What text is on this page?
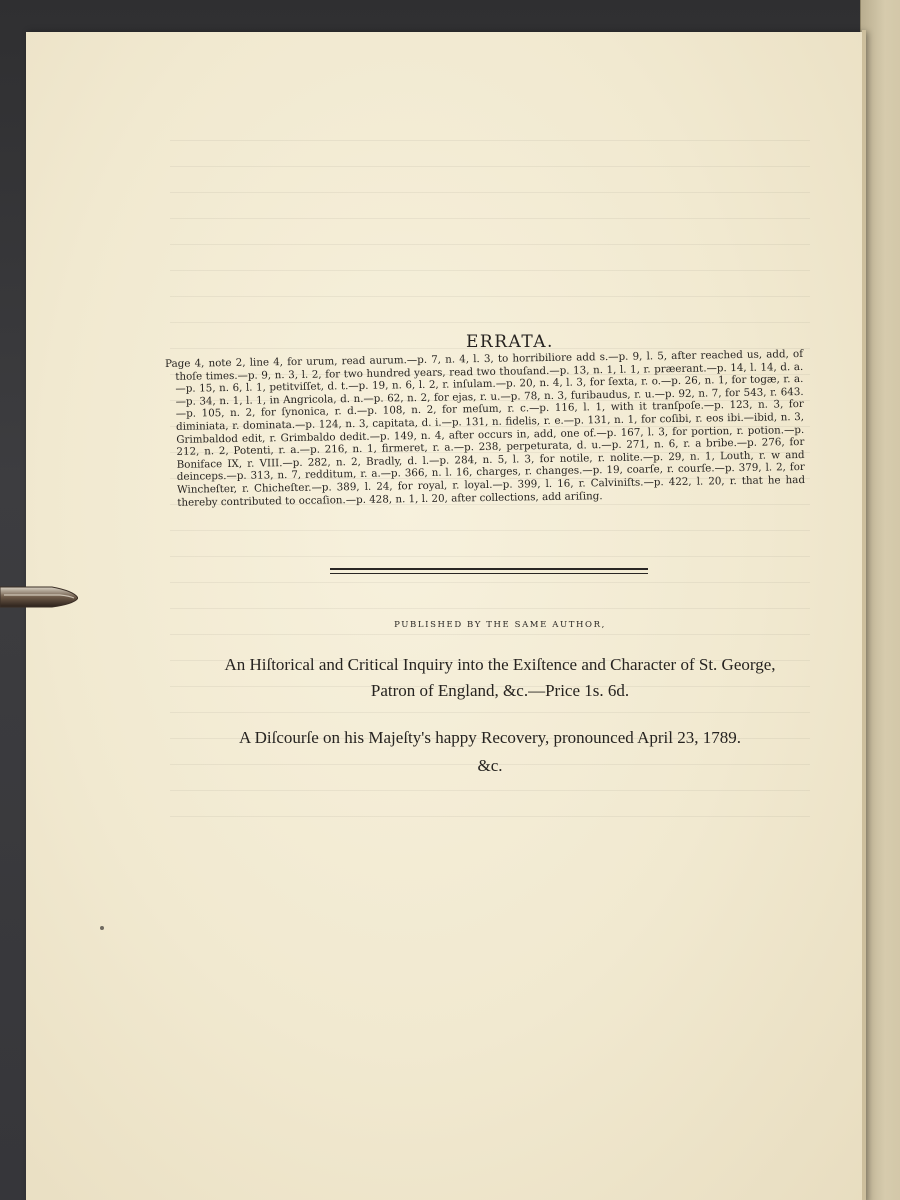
ERRATA.

Page 4, note 2, line 4, for urum, read aurum.—p. 7, n. 4, l. 3, to horribiliore add s.—p. 9, l. 5, after reached us, add, of thoſe times.—p. 9, n. 3, l. 2, for two hundred years, read two thouſand.—p. 13, n. 1, l. 1, r. præerant.—p. 14, l. 14, d. a.—p. 15, n. 6, l. 1, petitviſſet, d. t.—p. 19, n. 6, l. 2, r. inſulam.—p. 20, n. 4, l. 3, for ſexta, r. o.—p. 26, n. 1, for togæ, r. a.—p. 34, n. 1, l. 1, in Angricola, d. n.—p. 62, n. 2, for ejas, r. u.—p. 78, n. 3, furibaudus, r. u.—p. 92, n. 7, for 543, r. 643.—p. 105, n. 2, for ſynonica, r. d.—p. 108, n. 2, for meſum, r. c.—p. 116, l. 1, with it tranſpoſe.—p. 123, n. 3, for diminiata, r. dominata.—p. 124, n. 3, capitata, d. i.—p. 131, n. fidelis, r. e.—p. 131, n. 1, for coſibi, r. eos ibi.—ibid, n. 3, Grimbaldod edit, r. Grimbaldo dedit.—p. 149, n. 4, after occurs in, add, one of.—p. 167, l. 3, for portion, r. potion.—p. 212, n. 2, Potenti, r. a.—p. 216, n. 1, firmeret, r. a.—p. 238, perpeturata, d. u.—p. 271, n. 6, r. a bribe.—p. 276, for Boniface IX, r. VIII.—p. 282, n. 2, Bradly, d. l.—p. 284, n. 5, l. 3, for notile, r. nolite.—p. 29, n. 1, Louth, r. w and deinceps.—p. 313, n. 7, redditum, r. a.—p. 366, n. l. 16, charges, r. changes.—p. 19, coarſe, r. courſe.—p. 379, l. 2, for Wincheſter, r. Chicheſter.—p. 389, l. 24, for royal, r. loyal.—p. 399, l. 16, r. Calviniſts.—p. 422, l. 20, r. that he had thereby contributed to occaſion.—p. 428, n. 1, l. 20, after collections, add ariſing.

PUBLISHED BY THE SAME AUTHOR,
An Hiſtorical and Critical Inquiry into the Exiſtence and Character of St. George,
Patron of England, &c.—Price 1s. 6d.
A Diſcourſe on his Majeſty's happy Recovery, pronounced April 23, 1789.
&c.
